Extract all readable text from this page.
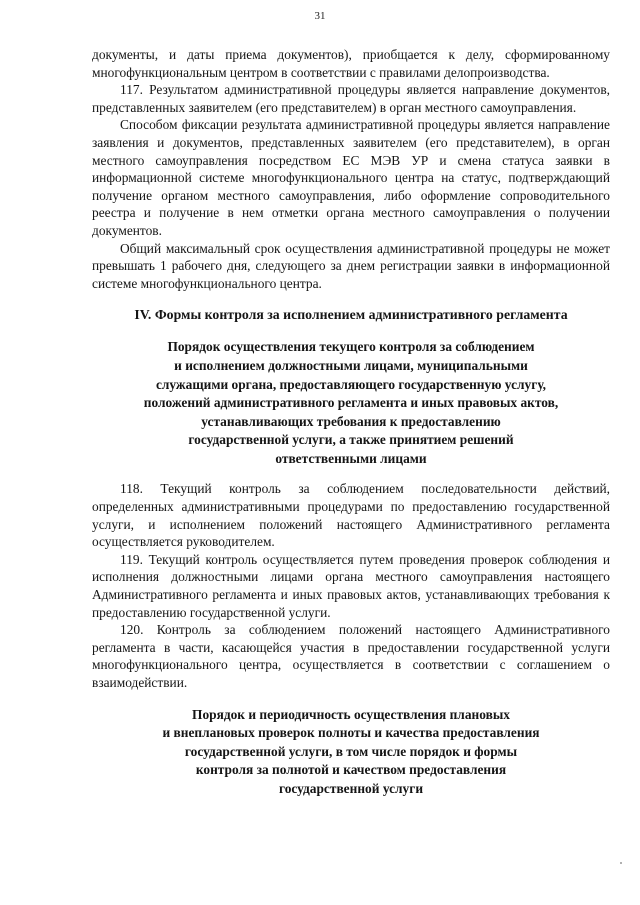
31

документы, и даты приема документов), приобщается к делу, сформированному многофункциональным центром в соответствии с правилами делопроизводства.

117. Результатом административной процедуры является направление документов, представленных заявителем (его представителем) в орган местного самоуправления.

Способом фиксации результата административной процедуры является направление заявления и документов, представленных заявителем (его представителем), в орган местного самоуправления посредством ЕС МЭВ УР и смена статуса заявки в информационной системе многофункционального центра на статус, подтверждающий получение органом местного самоуправления, либо оформление сопроводительного реестра и получение в нем отметки органа местного самоуправления о получении документов.

Общий максимальный срок осуществления административной процедуры не может превышать 1 рабочего дня, следующего за днем регистрации заявки в информационной системе многофункционального центра.

IV. Формы контроля за исполнением административного регламента
Порядок осуществления текущего контроля за соблюдением
и исполнением должностными лицами, муниципальными
служащими органа, предоставляющего государственную услугу,
положений административного регламента и иных правовых актов,
устанавливающих требования к предоставлению
государственной услуги, а также принятием решений
ответственными лицами

118. Текущий контроль за соблюдением последовательности действий, определенных административными процедурами по предоставлению государственной услуги, и исполнением положений настоящего Административного регламента осуществляется руководителем.

119. Текущий контроль осуществляется путем проведения проверок соблюдения и исполнения должностными лицами органа местного самоуправления настоящего Административного регламента и иных правовых актов, устанавливающих требования к предоставлению государственной услуги.

120. Контроль за соблюдением положений настоящего Административного регламента в части, касающейся участия в предоставлении государственной услуги многофункционального центра, осуществляется в соответствии с соглашением о взаимодействии.

Порядок и периодичность осуществления плановых
и внеплановых проверок полноты и качества предоставления
государственной услуги, в том числе порядок и формы
контроля за полнотой и качеством предоставления
государственной услуги
